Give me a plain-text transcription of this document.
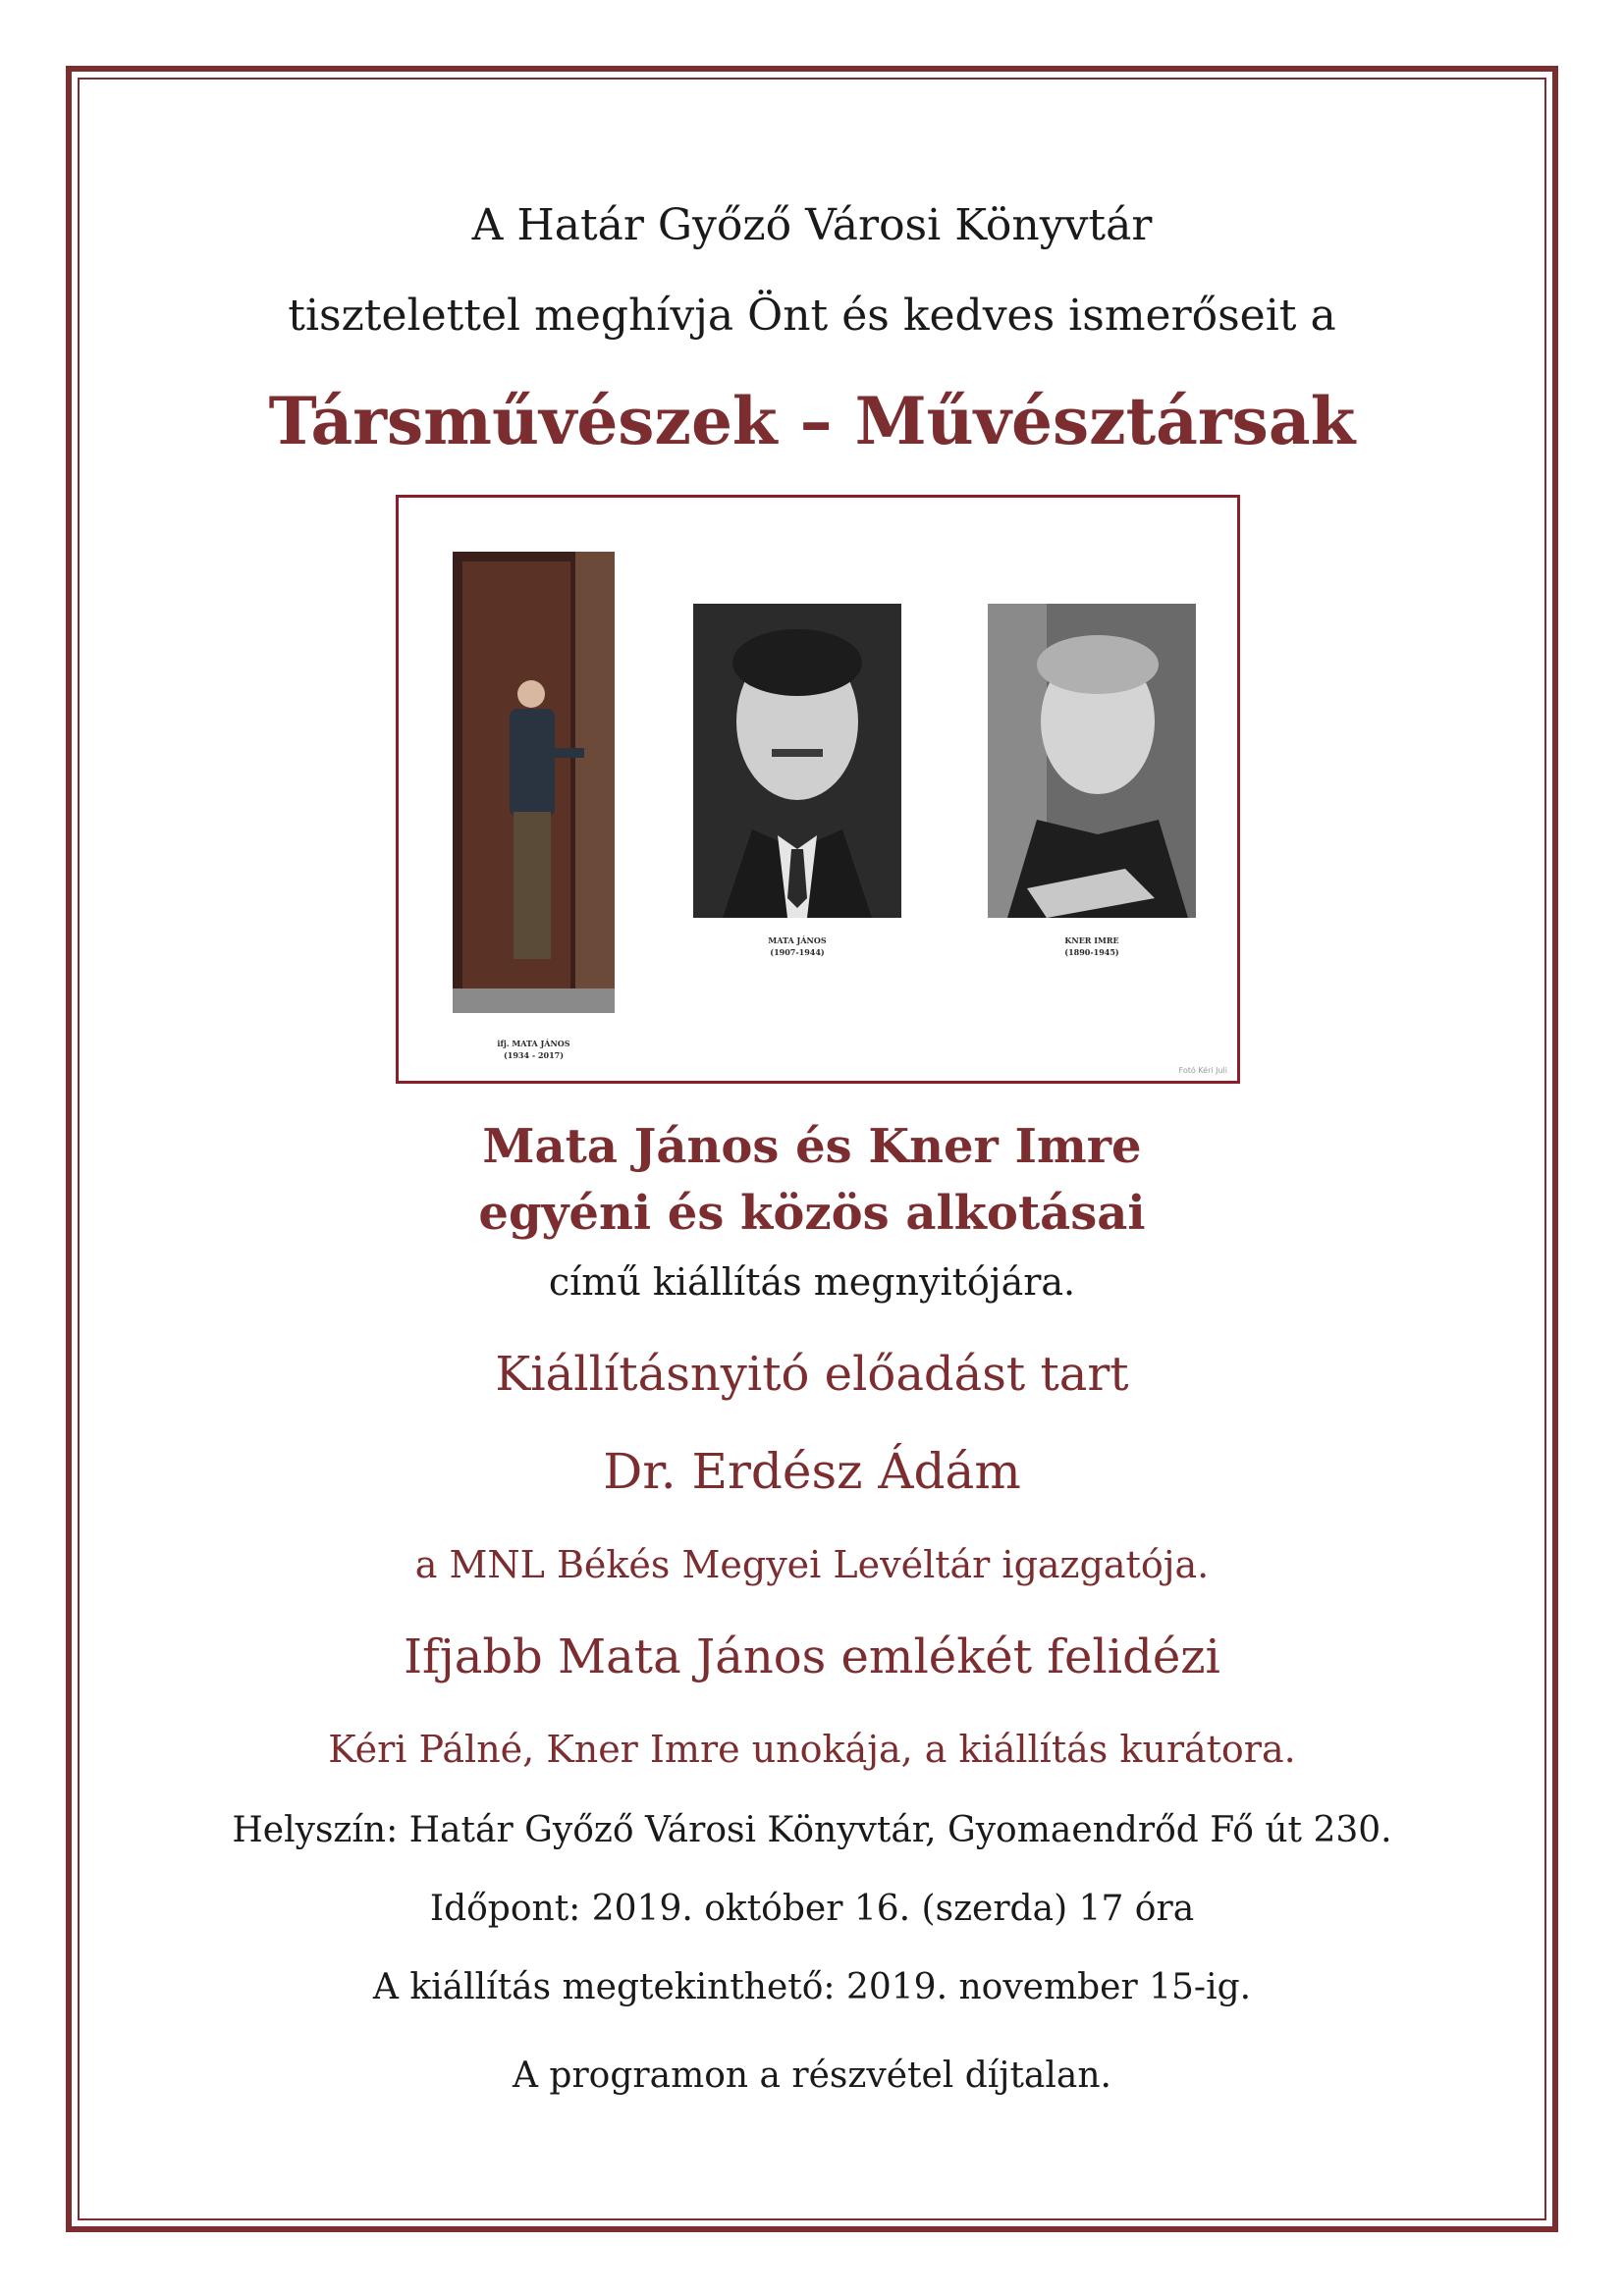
A Határ Győző Városi Könyvtár
tisztelettel meghívja Önt és kedves ismerőseit a
Társművészek – Művésztársak
ifj. MATA JÁNOS
(1934 - 2017)
MATA JÁNOS
(1907-1944)
KNER IMRE
(1890-1945)
Fotó Kéri Juli
Mata János és Kner Imre
egyéni és közös alkotásai
című kiállítás megnyitójára.
Kiállításnyitó előadást tart
Dr. Erdész Ádám
a MNL Békés Megyei Levéltár igazgatója.
Ifjabb Mata János emlékét felidézi
Kéri Pálné, Kner Imre unokája, a kiállítás kurátora.
Helyszín: Határ Győző Városi Könyvtár, Gyomaendrőd Fő út 230.
Időpont: 2019. október 16. (szerda) 17 óra
A kiállítás megtekinthető: 2019. november 15-ig.
A programon a részvétel díjtalan.
